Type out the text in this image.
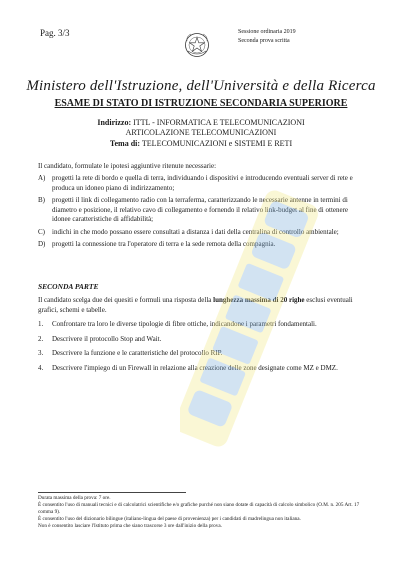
Pag. 3/3	Sessione ordinaria 2019
Seconda prova scritta
Ministero dell'Istruzione, dell'Università e della Ricerca
ESAME DI STATO DI ISTRUZIONE SECONDARIA SUPERIORE
Indirizzo: ITTL - INFORMATICA E TELECOMUNICAZIONI
ARTICOLAZIONE TELECOMUNICAZIONI
Tema di: TELECOMUNICAZIONI e SISTEMI E RETI
Il candidato, formulate le ipotesi aggiuntive ritenute necessarie:
A) progetti la rete di bordo e quella di terra, individuando i dispositivi e introducendo eventuali server di rete e produca un idoneo piano di indirizzamento;
B) progetti il link di collegamento radio con la terraferma, caratterizzando le necessarie antenne in termini di diametro e posizione, il relativo cavo di collegamento e fornendo il relativo link-budget al fine di ottenere idonee caratteristiche di affidabilità;
C) indichi in che modo possano essere consultati a distanza i dati della centralina di controllo ambientale;
D) progetti la connessione tra l'operatore di terra e la sede remota della compagnia.
SECONDA PARTE
Il candidato scelga due dei quesiti e formuli una risposta della lunghezza massima di 20 righe esclusi eventuali grafici, schemi e tabelle.
1. Confrontare tra loro le diverse tipologie di fibre ottiche, indicandone i parametri fondamentali.
2. Descrivere il protocollo Stop and Wait.
3. Descrivere la funzione e le caratteristiche del protocollo RIP.
4. Descrivere l'impiego di un Firewall in relazione alla creazione delle zone designate come MZ e DMZ.
Durata massima della prova: 7 ore.
È consentito l'uso di manuali tecnici e di calcolatrici scientifiche e/o grafiche purché non siano dotate di capacità di calcolo simbolico (O.M. n. 205 Art. 17 comma 9).
È consentito l'uso del dizionario bilingue (italiano-lingua del paese di provenienza) per i candidati di madrelingua non italiana.
Non è consentito lasciare l'Istituto prima che siano trascorse 3 ore dall'inizio della prova.
